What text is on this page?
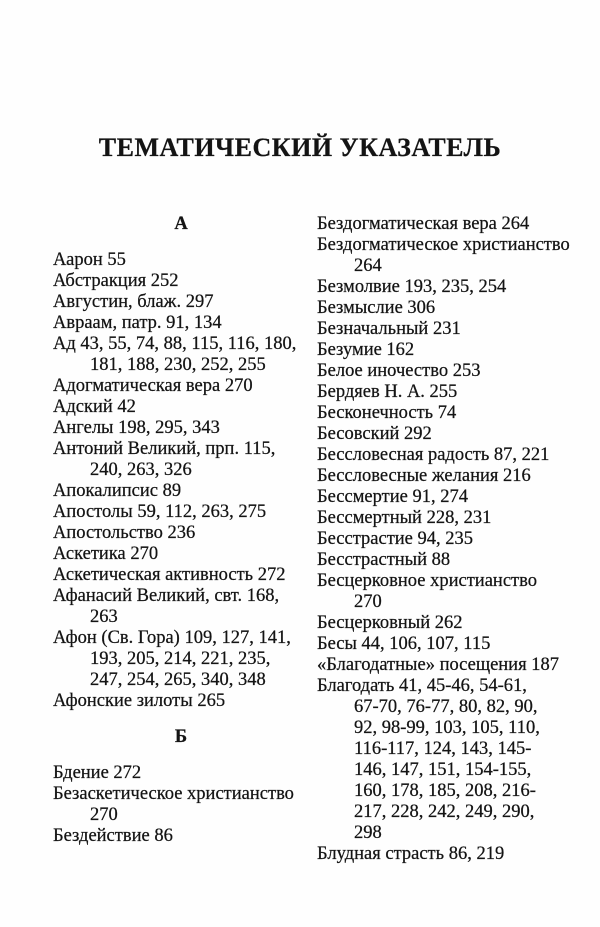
ТЕМАТИЧЕСКИЙ УКАЗАТЕЛЬ
А
Аарон 55
Абстракция 252
Августин, блаж. 297
Авраам, патр. 91, 134
Ад 43, 55, 74, 88, 115, 116, 180,
181, 188, 230, 252, 255
Адогматическая вера 270
Адский 42
Ангелы 198, 295, 343
Антоний Великий, прп. 115,
240, 263, 326
Апокалипсис 89
Апостолы 59, 112, 263, 275
Апостольство 236
Аскетика 270
Аскетическая активность 272
Афанасий Великий, свт. 168,
263
Афон (Св. Гора) 109, 127, 141,
193, 205, 214, 221, 235,
247, 254, 265, 340, 348
Афонские зилоты 265
Б
Бдение 272
Безаскетическое христианство
270
Бездействие 86
Бездогматическая вера 264
Бездогматическое христианство
264
Безмолвие 193, 235, 254
Безмыслие 306
Безначальный 231
Безумие 162
Белое иночество 253
Бердяев Н. А. 255
Бесконечность 74
Бесовский 292
Бессловесная радость 87, 221
Бессловесные желания 216
Бессмертие 91, 274
Бессмертный 228, 231
Бесстрастие 94, 235
Бесстрастный 88
Бесцерковное христианство
270
Бесцерковный 262
Бесы 44, 106, 107, 115
«Благодатные» посещения 187
Благодать 41, 45-46, 54-61,
67-70, 76-77, 80, 82, 90,
92, 98-99, 103, 105, 110,
116-117, 124, 143, 145-
146, 147, 151, 154-155,
160, 178, 185, 208, 216-
217, 228, 242, 249, 290,
298
Блудная страсть 86, 219
